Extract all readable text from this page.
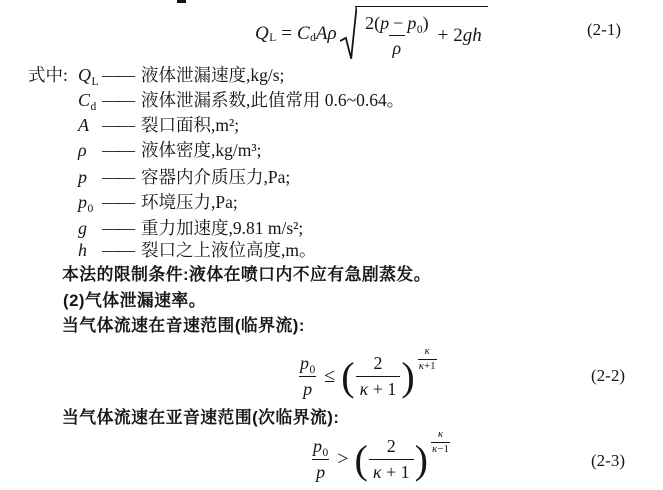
Q L = C d Aρ $\frac{2(p - p_0)}{\rho} + 2$ gh	(2-1)
式中: $Q_L$ —— 液体泄漏速度,kg/s;
$C_d$ —— 液体泄漏系数,此值常用 0.6~0.64。
A —— 裂口面积,m²;
ρ —— 液体密度,kg/m³;
p —— 容器内介质压力,Pa;
$p_0$ —— 环境压力,Pa;
g —— 重力加速度,9.81 m/s²;
h —— 裂口之上液位高度,m。
本法的限制条件:液体在喷口内不应有急剧蒸发。
(2)气体泄漏速率。
当气体流速在音速范围(临界流):
$\frac{p_0}{p}$ ≤ ( $\frac{2}{\kappa + 1}$ ) $\frac{\kappa}{\kappa+1}$
(2-2)
当气体流速在亚音速范围(次临界流):
$\frac{p_0}{p}$ > ( $\frac{2}{\kappa + 1}$ ) $\frac{\kappa}{\kappa-1}$
(2-3)
